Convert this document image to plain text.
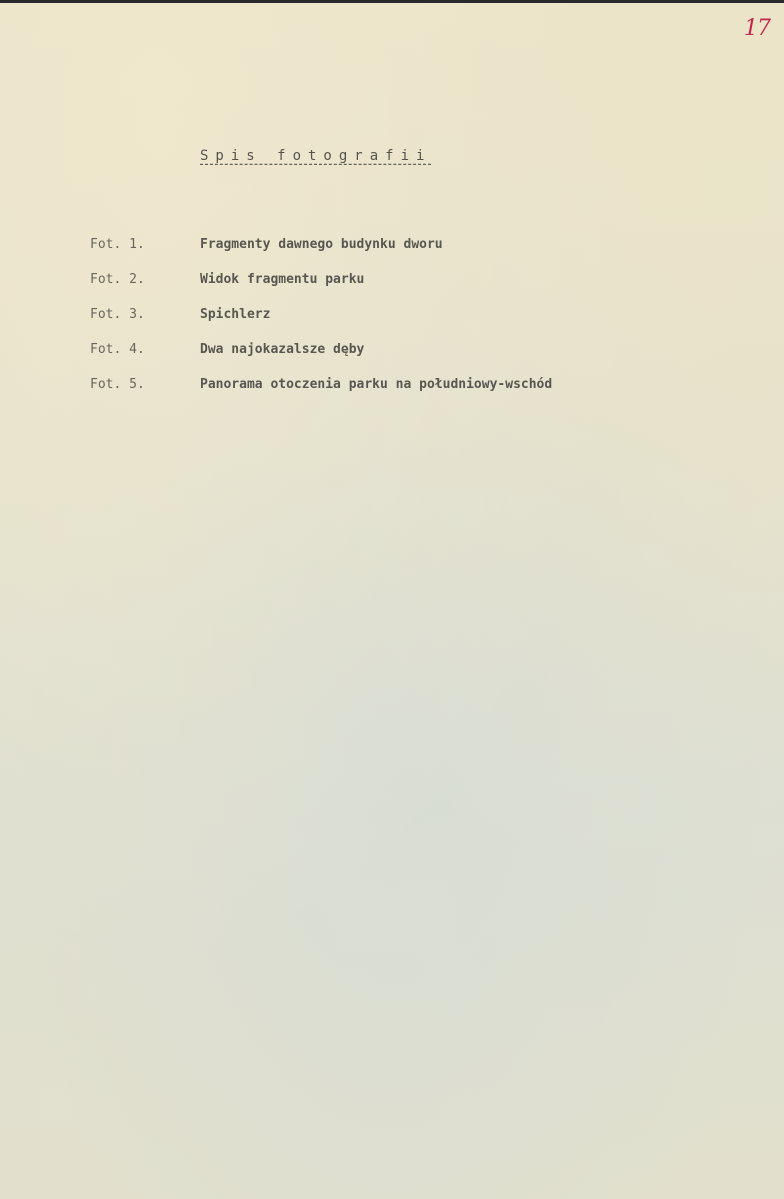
17
Spis fotografii
Fot. 1.	Fragmenty dawnego budynku dworu
Fot. 2.	Widok fragmentu parku
Fot. 3.	Spichlerz
Fot. 4.	Dwa najokazalsze dęby
Fot. 5.	Panorama otoczenia parku na południowy-wschód
